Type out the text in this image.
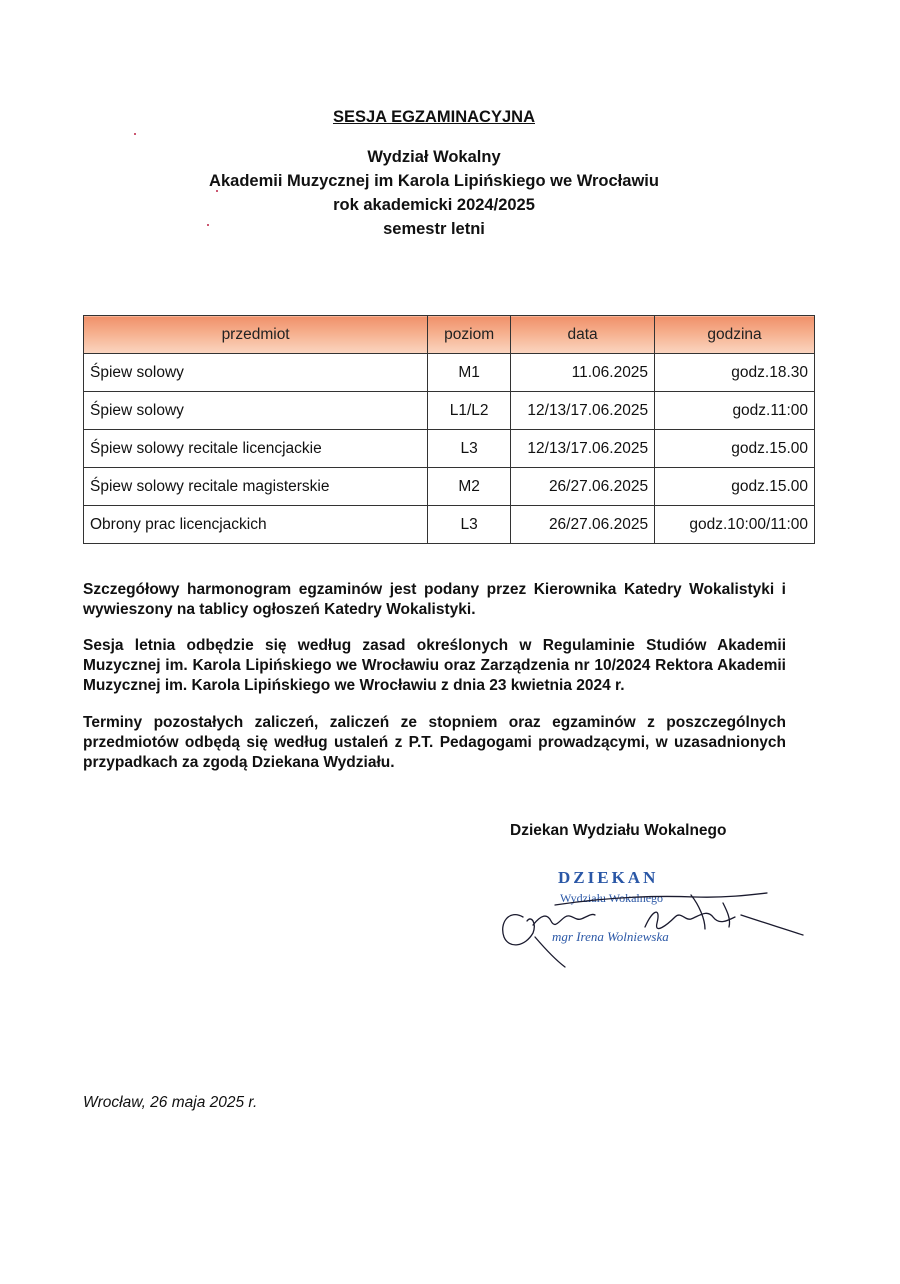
SESJA EGZAMINACYJNA
Wydział Wokalny
Akademii Muzycznej im Karola Lipińskiego we Wrocławiu
rok akademicki 2024/2025
semestr letni
przedmiot	poziom	data	godzina
Śpiew solowy	M1	11.06.2025	godz.18.30
Śpiew solowy	L1/L2	12/13/17.06.2025	godz.11:00
Śpiew solowy recitale licencjackie	L3	12/13/17.06.2025	godz.15.00
Śpiew solowy recitale magisterskie	M2	26/27.06.2025	godz.15.00
Obrony prac licencjackich	L3	26/27.06.2025	godz.10:00/11:00
Szczegółowy harmonogram egzaminów jest podany przez Kierownika Katedry Wokalistyki i wywieszony na tablicy ogłoszeń Katedry Wokalistyki.
Sesja letnia odbędzie się według zasad określonych w Regulaminie Studiów Akademii Muzycznej im. Karola Lipińskiego we Wrocławiu oraz Zarządzenia nr 10/2024 Rektora Akademii Muzycznej im. Karola Lipińskiego we Wrocławiu z dnia 23 kwietnia 2024 r.
Terminy pozostałych zaliczeń, zaliczeń ze stopniem oraz egzaminów z poszczególnych przedmiotów odbędą się według ustaleń z P.T. Pedagogami prowadzącymi, w uzasadnionych przypadkach za zgodą Dziekana Wydziału.
Dziekan Wydziału Wokalnego
DZIEKAN
Wydziału Wokalnego
mgr Irena Wolniewska
Wrocław, 26 maja 2025 r.
